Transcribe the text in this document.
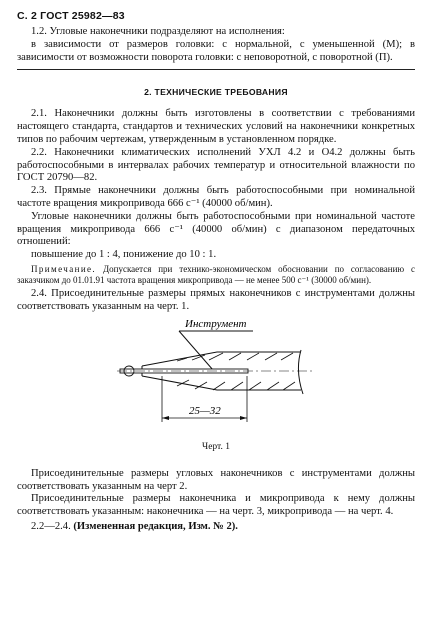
С. 2 ГОСТ 25982—83

1.2. Угловые наконечники подразделяют на исполнения:

в зависимости от размеров головки: с нормальной, с уменьшенной (М); в зависимости от возможности поворота головки: с неповоротной, с поворотной (П).

2. ТЕХНИЧЕСКИЕ ТРЕБОВАНИЯ

2.1. Наконечники должны быть изготовлены в соответствии с требованиями настоящего стандарта, стандартов и технических условий на наконечники конкретных типов по рабочим чертежам, утвержденным в установленном порядке.

2.2. Наконечники климатических исполнений УХЛ 4.2 и О4.2 должны быть работоспособными в интервалах рабочих температур и относительной влажности по ГОСТ 20790—82.

2.3. Прямые наконечники должны быть работоспособными при номинальной частоте вращения микропривода 666 с⁻¹ (40000 об/мин).

Угловые наконечники должны быть работоспособными при номинальной частоте вращения микропривода 666 с⁻¹ (40000 об/мин) с диапазоном передаточных отношений:

повышение до 1 : 4, понижение до 10 : 1.

Примечание. Допускается при технико-экономическом обосновании по согласованию с заказчиком до 01.01.91 частота вращения микропривода — не менее 500 с⁻¹ (30000 об/мин).

2.4. Присоединительные размеры прямых наконечников с инструментами должны соответствовать указанным на черт. 1.

Инструмент
25—32

Черт. 1

Присоединительные размеры угловых наконечников с инструментами должны соответствовать указанным на черт 2.

Присоединительные размеры наконечника и микропривода к нему должны соответствовать указанным: наконечника — на черт. 3, микропривода — на черт. 4.

2.2—2.4. (Измененная редакция, Изм. № 2).
